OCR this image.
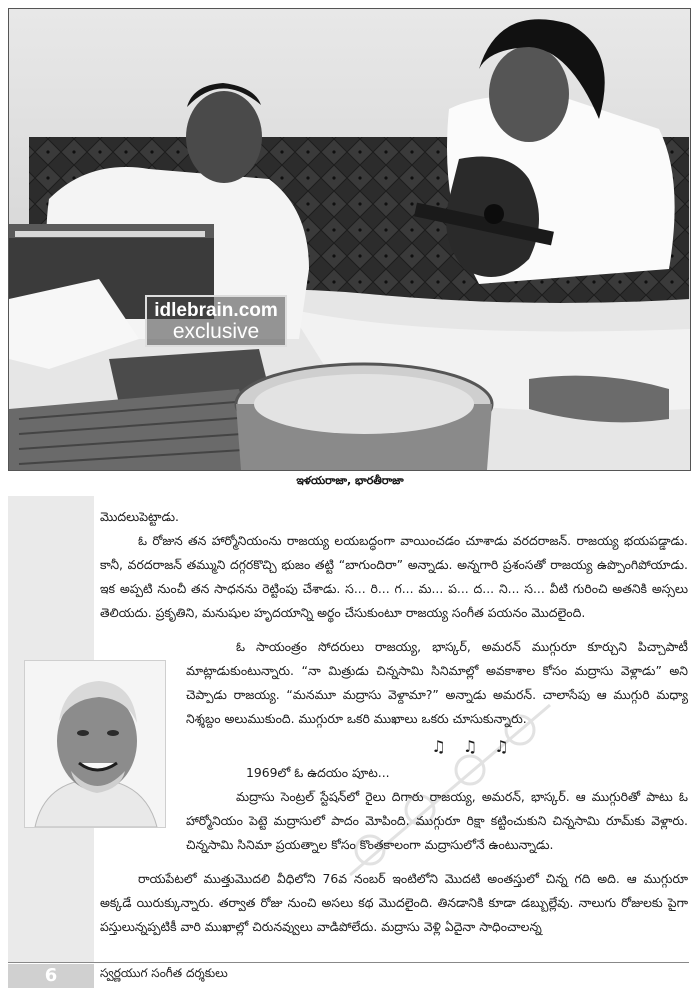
idlebrain.com
exclusive
ఇళయరాజా, భారతీరాజా

మొదలుపెట్టాడు.

ఓ రోజున తన హార్మోనియంను రాజయ్య లయబద్ధంగా వాయించడం చూశాడు వరదరాజన్. రాజయ్య భయపడ్డాడు. కానీ, వరదరాజన్ తమ్ముని దగ్గరకొచ్చి భుజం తట్టి “బాగుందిరా” అన్నాడు. అన్నగారి ప్రశంసతో రాజయ్య ఉప్పొంగిపోయాడు. ఇక అప్పటి నుంచీ తన సాధనను రెట్టింపు చేశాడు. స... రి... గ... మ... ప... ద... ని... స... వీటి గురించి అతనికి అస్సలు తెలియదు. ప్రకృతిని, మనుషుల హృదయాన్ని అర్థం చేసుకుంటూ రాజయ్య సంగీత పయనం మొదలైంది.

ఓ సాయంత్రం సోదరులు రాజయ్య, భాస్కర్, అమరన్ ముగ్గురూ కూర్చుని పిచ్చాపాటీ మాట్లాడుకుంటున్నారు. “నా మిత్రుడు చిన్నసామి సినిమాల్లో అవకాశాల కోసం మద్రాసు వెళ్లాడు” అని చెప్పాడు రాజయ్య. “మనమూ మద్రాసు వెళ్దామా?” అన్నాడు అమరన్. చాలాసేపు ఆ ముగ్గురి మధ్యా నిశ్శబ్దం అలుముకుంది. ముగ్గురూ ఒకరి ముఖాలు ఒకరు చూసుకున్నారు.

♫ ♫ ♫

1969లో ఓ ఉదయం పూట...

మద్రాసు సెంట్రల్ స్టేషన్‌లో రైలు దిగారు రాజయ్య, అమరన్, భాస్కర్. ఆ ముగ్గురితో పాటు ఓ హార్మోనియం పెట్టె మద్రాసులో పాదం మోపింది. ముగ్గురూ రిక్షా కట్టించుకుని చిన్నసామి రూమ్‌కు వెళ్లారు. చిన్నసామి సినిమా ప్రయత్నాల కోసం కొంతకాలంగా మద్రాసులోనే ఉంటున్నాడు.

రాయపేటలో ముత్తుమొదలి వీధిలోని 76వ నంబర్ ఇంటిలోని మొదటి అంతస్తులో చిన్న గది అది. ఆ ముగ్గురూ అక్కడే యిరుక్కున్నారు. తర్వాత రోజు నుంచి అసలు కథ మొదలైంది. తినడానికి కూడా డబ్బుల్లేవు. నాలుగు రోజులకు పైగా పస్తులున్నప్పటికీ వారి ముఖాల్లో చిరునవ్వులు వాడిపోలేదు. మద్రాసు వెళ్లి ఏదైనా సాధించాలన్న

6	స్వర్ణయుగ సంగీత దర్శకులు
